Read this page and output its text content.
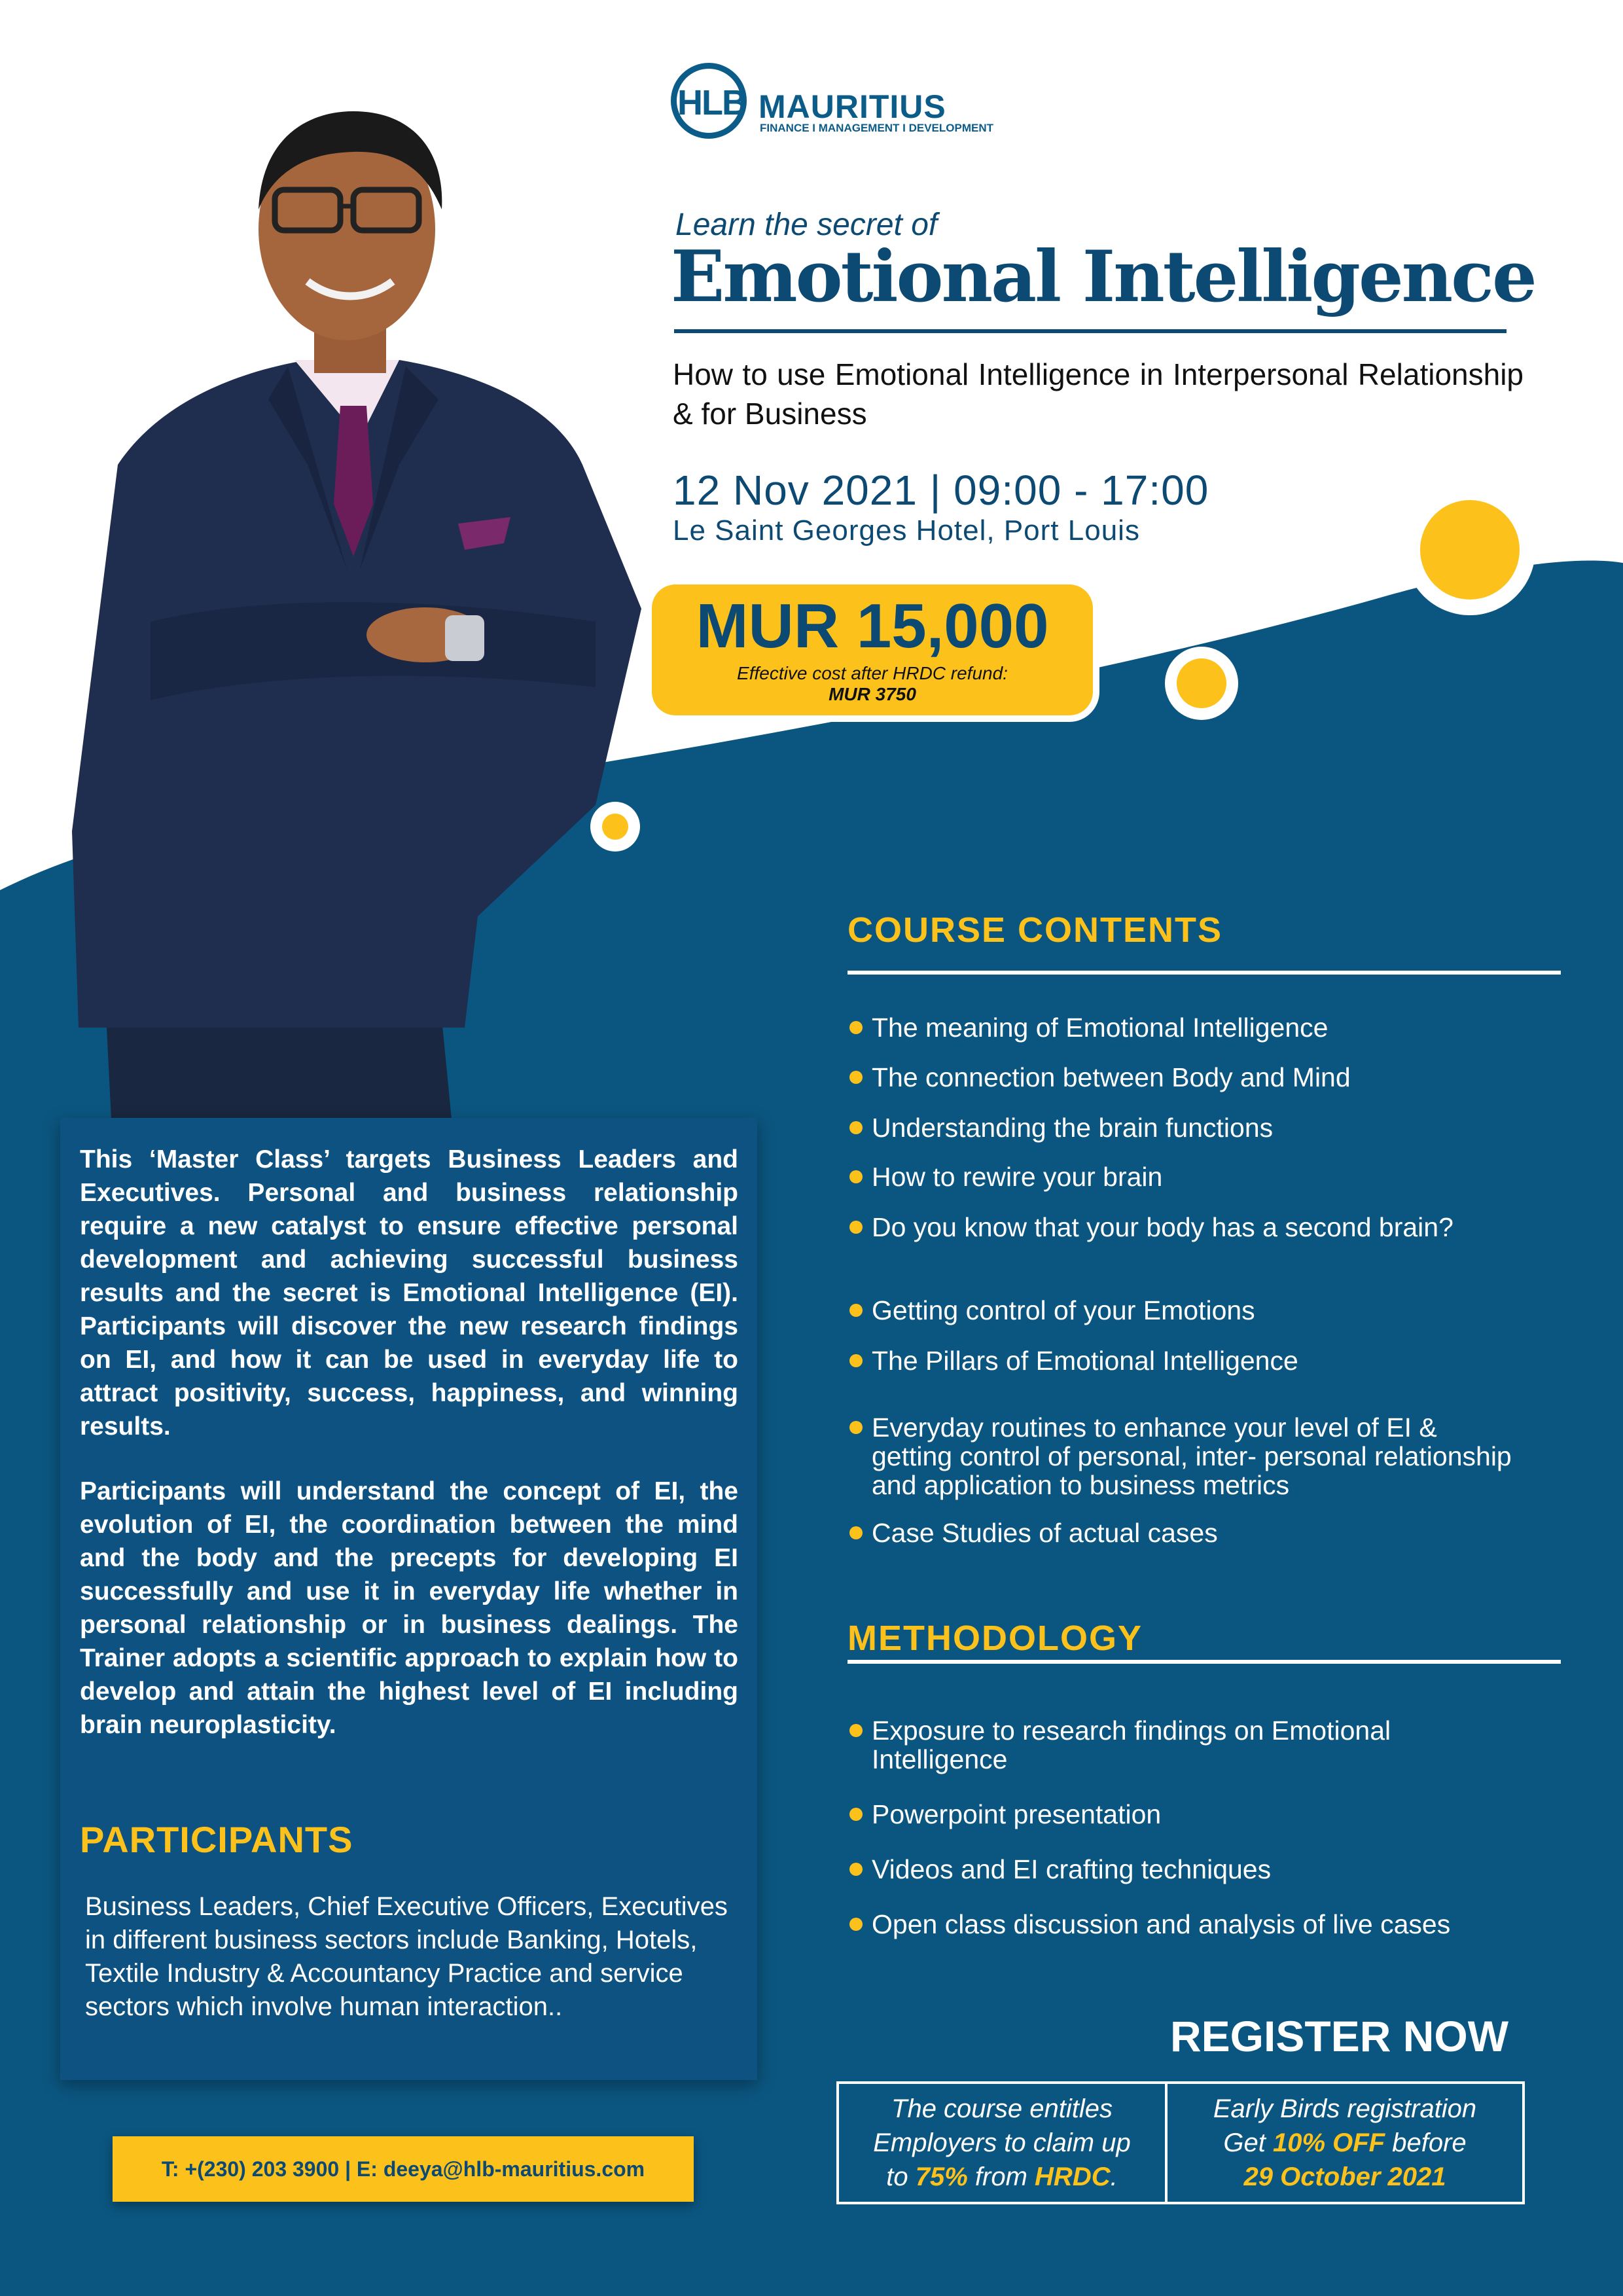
HLB MAURITIUS
FINANCE I MANAGEMENT I DEVELOPMENT
Learn the secret of
Emotional Intelligence
How to use Emotional Intelligence in Interpersonal Relationship & for Business
12 Nov 2021 | 09:00 - 17:00
Le Saint Georges Hotel, Port Louis
MUR 15,000
Effective cost after HRDC refund:
MUR 3750

This ‘Master Class’ targets Business Leaders and Executives. Personal and business relationship require a new catalyst to ensure effective personal development and achieving successful business results and the secret is Emotional Intelligence (EI). Participants will discover the new research findings on EI, and how it can be used in everyday life to attract positivity, success, happiness, and winning results.

Participants will understand the concept of EI, the evolution of EI, the coordination between the mind and the body and the precepts for developing EI successfully and use it in everyday life whether in personal relationship or in business dealings. The Trainer adopts a scientific approach to explain how to develop and attain the highest level of EI including brain neuroplasticity.

PARTICIPANTS

Business Leaders, Chief Executive Officers, Executives in different business sectors include Banking, Hotels, Textile Industry & Accountancy Practice and service sectors which involve human interaction..

T: +(230) 203 3900 | E: deeya@hlb-mauritius.com
COURSE CONTENTS
The meaning of Emotional Intelligence
The connection between Body and Mind
Understanding the brain functions
How to rewire your brain
Do you know that your body has a second brain?
Getting control of your Emotions
The Pillars of Emotional Intelligence
Everyday routines to enhance your level of EI & getting control of personal, inter- personal relationship and application to business metrics
Case Studies of actual cases
METHODOLOGY
Exposure to research findings on Emotional Intelligence
Powerpoint presentation
Videos and EI crafting techniques
Open class discussion and analysis of live cases
REGISTER NOW
The course entitles
Employers to claim up
to 75% from HRDC.
Early Birds registration
Get 10% OFF before
29 October 2021
